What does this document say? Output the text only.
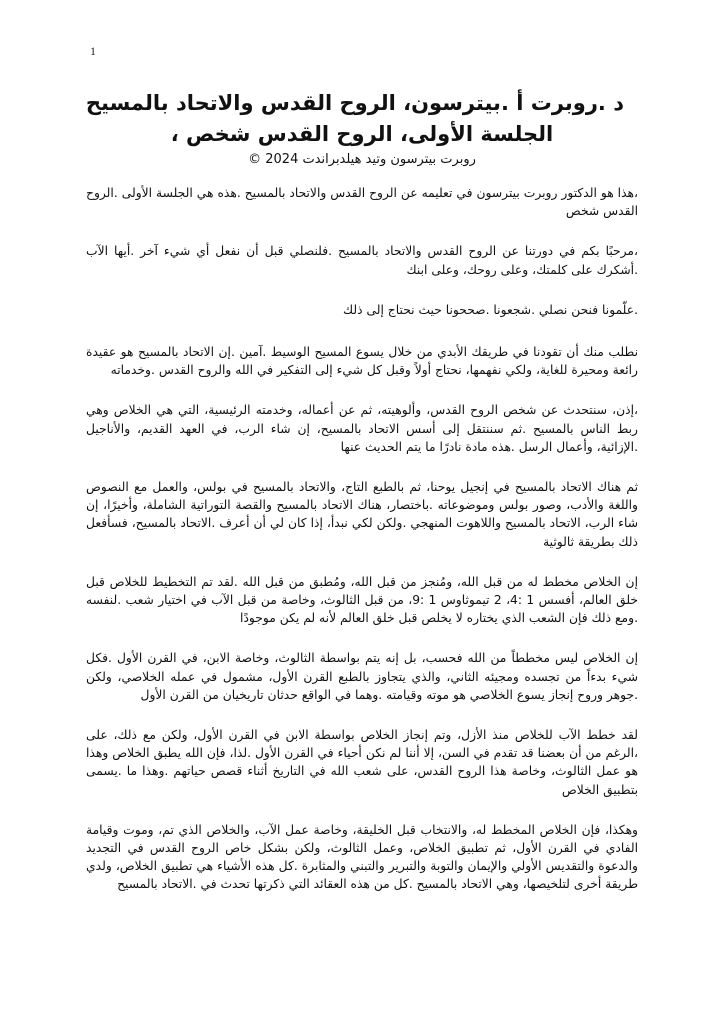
1
د .روبرت أ .بيترسون، الروح القدس والاتحاد بالمسيح
الجلسة الأولى، الروح القدس شخص ،
روبرت بيترسون وتيد هيلدبراندت 2024 ©

،هذا هو الدكتور روبرت بيترسون في تعليمه عن الروح القدس والاتحاد بالمسيح .هذه هي الجلسة الأولى .الروح القدس شخص

،مرحبًا بكم في دورتنا عن الروح القدس والاتحاد بالمسيح .فلنصلي قبل أن نفعل أي شيء آخر .أيها الآب .أشكرك على كلمتك، وعلى روحك، وعلى ابنك

.علّمونا فنحن نصلي .شجعونا .صححونا حيث نحتاج إلى ذلك

نطلب منك أن تقودنا في طريقك الأبدي من خلال يسوع المسيح الوسيط .آمين .إن الاتحاد بالمسيح هو عقيدة رائعة ومحيرة للغاية، ولكي نفهمها، نحتاج أولاً وقبل كل شيء إلى التفكير في الله والروح القدس .وخدماته

،إذن، سنتحدث عن شخص الروح القدس، وألوهيته، ثم عن أعماله، وخدمته الرئيسية، التي هي الخلاص وهي ربط الناس بالمسيح .ثم سننتقل إلى أسس الاتحاد بالمسيح، إن شاء الرب، في العهد القديم، والأناجيل .الإزائية، وأعمال الرسل .هذه مادة نادرًا ما يتم الحديث عنها

ثم هناك الاتحاد بالمسيح في إنجيل يوحنا، ثم بالطبع التاج، والاتحاد بالمسيح في بولس، والعمل مع النصوص واللغة والأدب، وصور بولس وموضوعاته .باختصار، هناك الاتحاد بالمسيح والقصة التوراتية الشاملة، وأخيرًا، إن شاء الرب، الاتحاد بالمسيح واللاهوت المنهجي .ولكن لكي نبدأ، إذا كان لي أن أعرف .الاتحاد بالمسيح، فسأفعل ذلك بطريقة ثالوثية

إن الخلاص مخطط له من قبل الله، ومُنجز من قبل الله، ومُطبق من قبل الله .لقد تم التخطيط للخلاص قبل خلق العالم، أفسس 1 :4، 2 تيموثاوس 1 :9، من قبل الثالوث، وخاصة من قبل الآب في اختيار شعب .لنفسه .ومع ذلك فإن الشعب الذي يختاره لا يخلص قبل خلق العالم لأنه لم يكن موجودًا

إن الخلاص ليس مخططاً من الله فحسب، بل إنه يتم بواسطة الثالوث، وخاصة الابن، في القرن الأول .فكل شيء بدءاً من تجسده ومجيئه الثاني، والذي يتجاوز بالطبع القرن الأول، مشمول في عمله الخلاصي، ولكن .جوهر وروح إنجاز يسوع الخلاصي هو موته وقيامته .وهما في الواقع حدثان تاريخيان من القرن الأول

لقد خطط الآب للخلاص منذ الأزل، وتم إنجاز الخلاص بواسطة الابن في القرن الأول، ولكن مع ذلك، على ،الرغم من أن بعضنا قد تقدم في السن، إلا أننا لم نكن أحياء في القرن الأول .لذا، فإن الله يطبق الخلاص وهذا هو عمل الثالوث، وخاصة هذا الروح القدس، على شعب الله في التاريخ أثناء قصص حياتهم .وهذا ما .يسمى بتطبيق الخلاص

وهكذا، فإن الخلاص المخطط له، والانتخاب قبل الخليقة، وخاصة عمل الآب، والخلاص الذي تم، وموت وقيامة الفادي في القرن الأول، ثم تطبيق الخلاص، وعمل الثالوث، ولكن بشكل خاص الروح القدس في التجديد والدعوة والتقديس الأولي والإيمان والتوبة والتبرير والتبني والمثابرة .كل هذه الأشياء هي تطبيق الخلاص، ولدي طريقة أخرى لتلخيصها، وهي الاتحاد بالمسيح .كل من هذه العقائد التي ذكرتها تحدث في .الاتحاد بالمسيح
